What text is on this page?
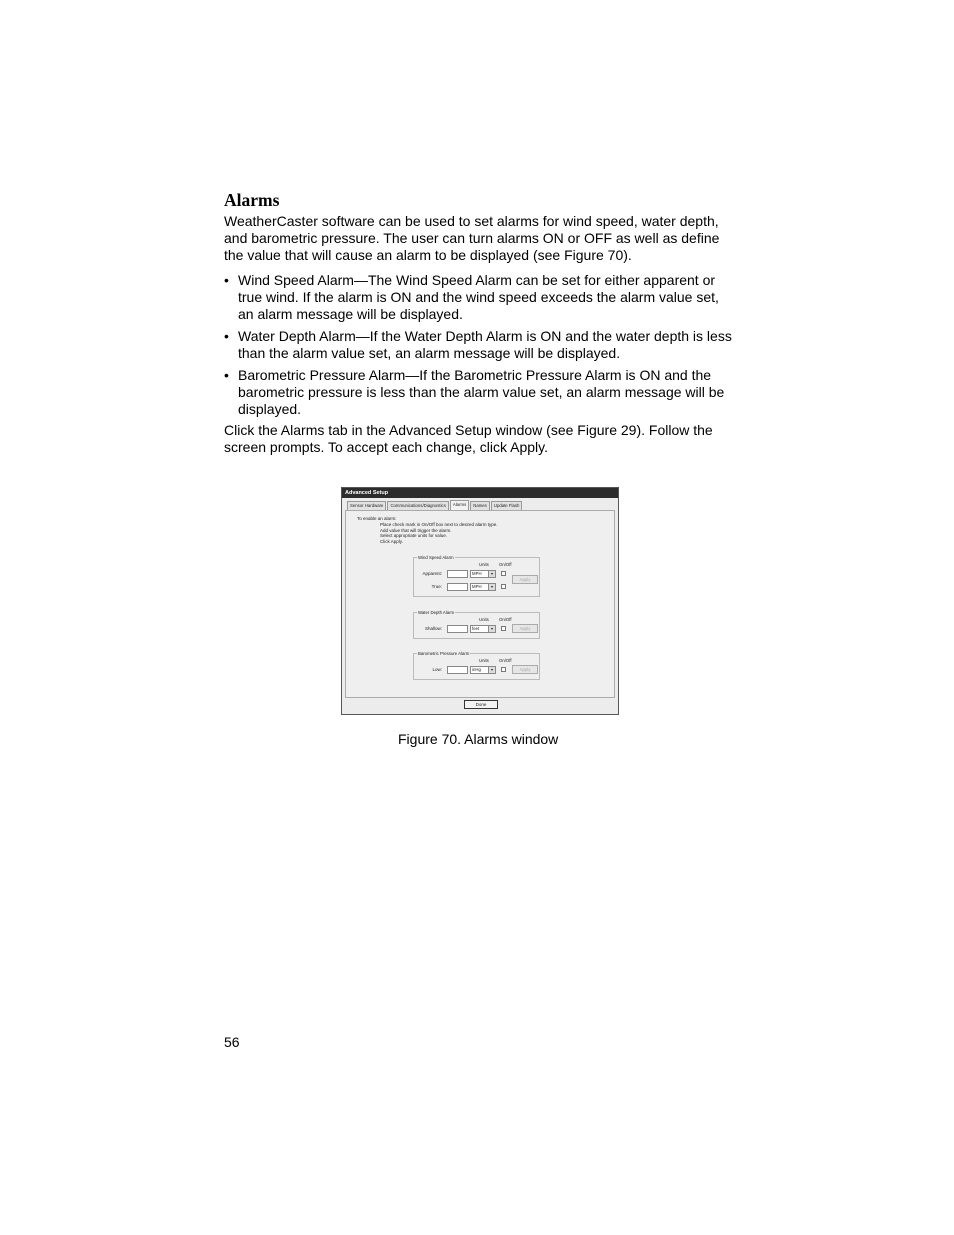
Alarms
WeatherCaster software can be used to set alarms for wind speed, water depth, and barometric pressure. The user can turn alarms ON or OFF as well as define the value that will cause an alarm to be displayed (see Figure 70).
• Wind Speed Alarm—The Wind Speed Alarm can be set for either apparent or true wind. If the alarm is ON and the wind speed exceeds the alarm value set, an alarm message will be displayed.
• Water Depth Alarm—If the Water Depth Alarm is ON and the water depth is less than the alarm value set, an alarm message will be displayed.
• Barometric Pressure Alarm—If the Barometric Pressure Alarm is ON and the barometric pressure is less than the alarm value set, an alarm message will be displayed.
Click the Alarms tab in the Advanced Setup window (see Figure 29). Follow the screen prompts. To accept each change, click Apply.
Advanced Setup
Sensor Hardware	Communications/Diagnostics	Alarms	Names	Update Flash
To enable an alarm:
Place check mark in On/Off box next to desired alarm type.
Add value that will trigger the alarm.
Select appropriate units for value.
Click Apply.
Wind Speed Alarm
Units On/Off
Apparent:	MPH	▾
True:	MPH	▾
Apply
Water Depth Alarm
Units On/Off
Shallow:	feet	▾	Apply
Barometric Pressure Alarm
Units On/Off
Low:	inHg	▾	Apply
Done
Figure 70. Alarms window
56
